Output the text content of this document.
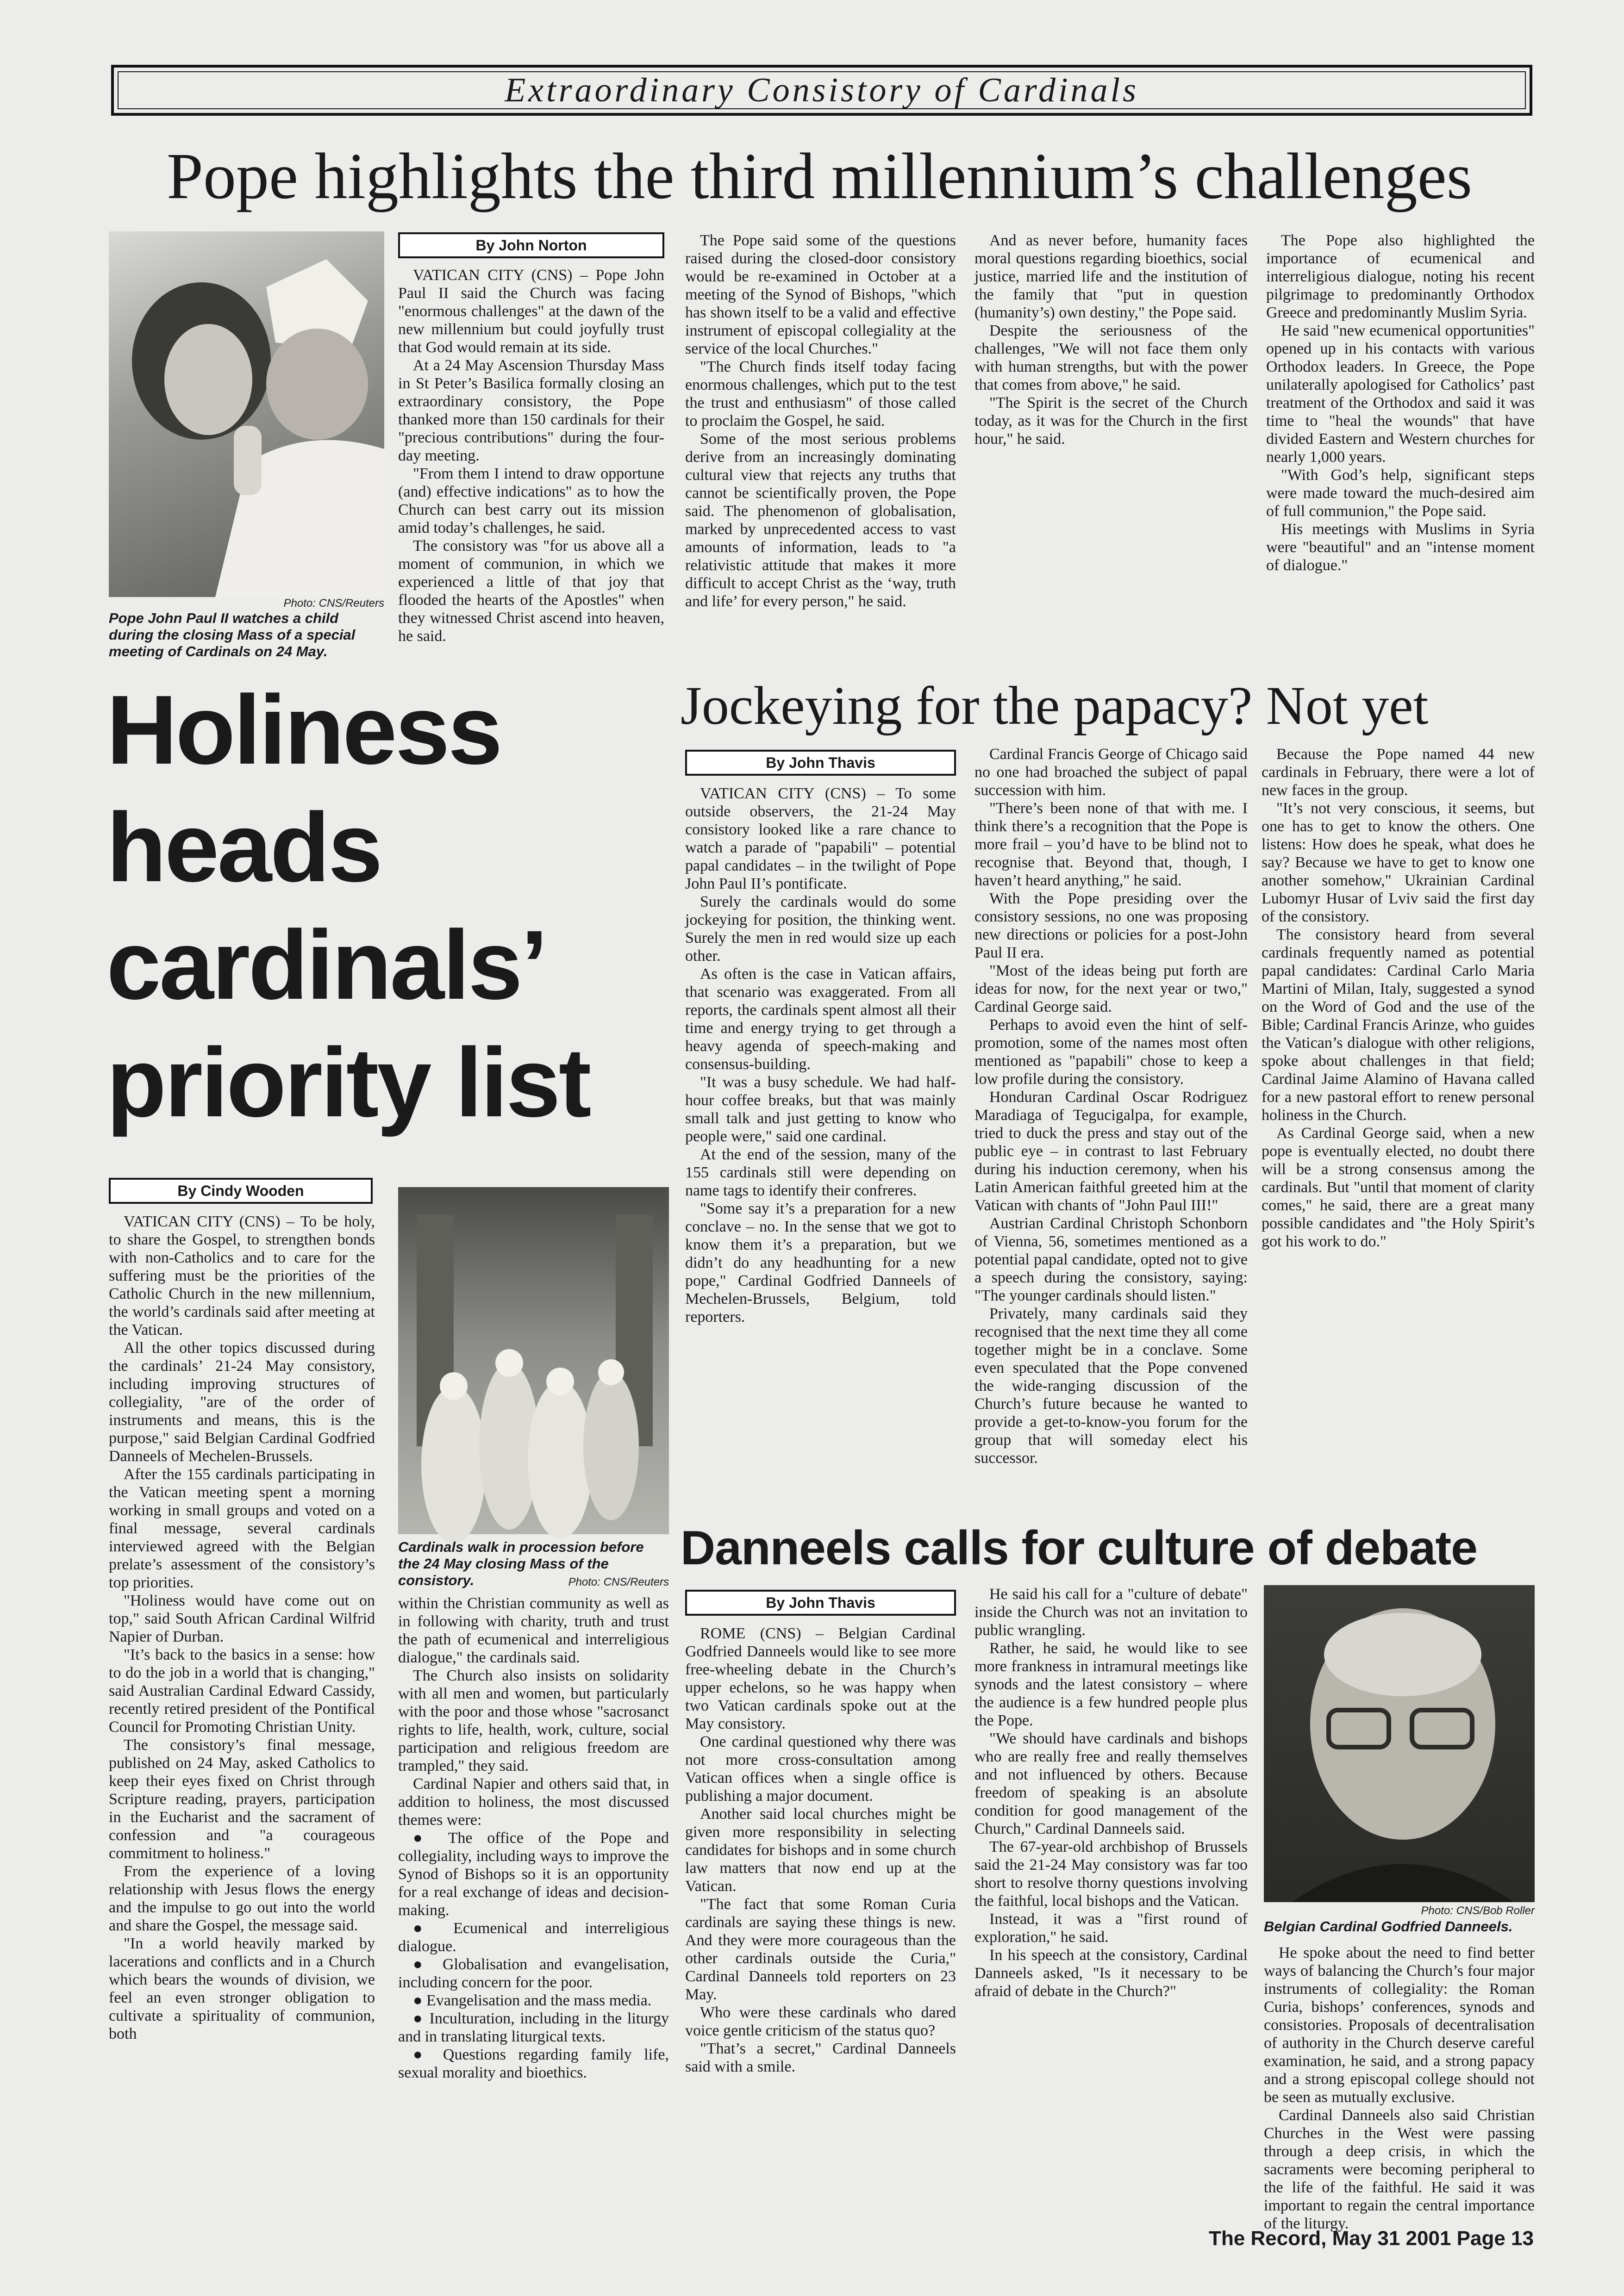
Extraordinary Consistory of Cardinals
Pope highlights the third millennium’s challenges
Photo: CNS/Reuters
Pope John Paul II watches a child during the closing Mass of a special meeting of Cardinals on 24 May.
By John Norton

VATICAN CITY (CNS) – Pope John Paul II said the Church was facing "enormous challenges" at the dawn of the new millennium but could joyfully trust that God would remain at its side.

At a 24 May Ascension Thursday Mass in St Peter’s Basilica formally closing an extraordinary consistory, the Pope thanked more than 150 cardinals for their "precious contributions" during the four-day meeting.

"From them I intend to draw opportune (and) effective indications" as to how the Church can best carry out its mission amid today’s challenges, he said.

The consistory was "for us above all a moment of communion, in which we experienced a little of that joy that flooded the hearts of the Apostles" when they witnessed Christ ascend into heaven, he said.

The Pope said some of the questions raised during the closed-door consistory would be re-examined in October at a meeting of the Synod of Bishops, "which has shown itself to be a valid and effective instrument of episcopal collegiality at the service of the local Churches."

"The Church finds itself today facing enormous challenges, which put to the test the trust and enthusiasm" of those called to proclaim the Gospel, he said.

Some of the most serious problems derive from an increasingly dominating cultural view that rejects any truths that cannot be scientifically proven, the Pope said. The phenomenon of globalisation, marked by unprecedented access to vast amounts of information, leads to "a relativistic attitude that makes it more difficult to accept Christ as the ‘way, truth and life’ for every person," he said.

And as never before, humanity faces moral questions regarding bioethics, social justice, married life and the institution of the family that "put in question (humanity’s) own destiny," the Pope said.

Despite the seriousness of the challenges, "We will not face them only with human strengths, but with the power that comes from above," he said.

"The Spirit is the secret of the Church today, as it was for the Church in the first hour," he said.

The Pope also highlighted the importance of ecumenical and interreligious dialogue, noting his recent pilgrimage to predominantly Orthodox Greece and predominantly Muslim Syria.

He said "new ecumenical opportunities" opened up in his contacts with various Orthodox leaders. In Greece, the Pope unilaterally apologised for Catholics’ past treatment of the Orthodox and said it was time to "heal the wounds" that have divided Eastern and Western churches for nearly 1,000 years.

"With God’s help, significant steps were made toward the much-desired aim of full communion," the Pope said.

His meetings with Muslims in Syria were "beautiful" and an "intense moment of dialogue."

Holiness
heads
cardinals’
priority list
By Cindy Wooden

VATICAN CITY (CNS) – To be holy, to share the Gospel, to strengthen bonds with non-Catholics and to care for the suffering must be the priorities of the Catholic Church in the new millennium, the world’s cardinals said after meeting at the Vatican.

All the other topics discussed during the cardinals’ 21-24 May consistory, including improving structures of collegiality, "are of the order of instruments and means, this is the purpose," said Belgian Cardinal Godfried Danneels of Mechelen-Brussels.

After the 155 cardinals participating in the Vatican meeting spent a morning working in small groups and voted on a final message, several cardinals interviewed agreed with the Belgian prelate’s assessment of the consistory’s top priorities.

"Holiness would have come out on top," said South African Cardinal Wilfrid Napier of Durban.

"It’s back to the basics in a sense: how to do the job in a world that is changing," said Australian Cardinal Edward Cassidy, recently retired president of the Pontifical Council for Promoting Christian Unity.

The consistory’s final message, published on 24 May, asked Catholics to keep their eyes fixed on Christ through Scripture reading, prayers, participation in the Eucharist and the sacrament of confession and "a courageous commitment to holiness."

From the experience of a loving relationship with Jesus flows the energy and the impulse to go out into the world and share the Gospel, the message said.

"In a world heavily marked by lacerations and conflicts and in a Church which bears the wounds of division, we feel an even stronger obligation to cultivate a spirituality of communion, both

Cardinals walk in procession before the 24 May closing Mass of the consistory.	Photo: CNS/Reuters

within the Christian community as well as in following with charity, truth and trust the path of ecumenical and interreligious dialogue," the cardinals said.

The Church also insists on solidarity with all men and women, but particularly with the poor and those whose "sacrosanct rights to life, health, work, culture, social participation and religious freedom are trampled," they said.

Cardinal Napier and others said that, in addition to holiness, the most discussed themes were:

● The office of the Pope and collegiality, including ways to improve the Synod of Bishops so it is an opportunity for a real exchange of ideas and decision-making.

● Ecumenical and interreligious dialogue.

● Globalisation and evangelisation, including concern for the poor.

● Evangelisation and the mass media.

● Inculturation, including in the liturgy and in translating liturgical texts.

● Questions regarding family life, sexual morality and bioethics.

Jockeying for the papacy? Not yet
By John Thavis

VATICAN CITY (CNS) – To some outside observers, the 21-24 May consistory looked like a rare chance to watch a parade of "papabili" – potential papal candidates – in the twilight of Pope John Paul II’s pontificate.

Surely the cardinals would do some jockeying for position, the thinking went. Surely the men in red would size up each other.

As often is the case in Vatican affairs, that scenario was exaggerated. From all reports, the cardinals spent almost all their time and energy trying to get through a heavy agenda of speech-making and consensus-building.

"It was a busy schedule. We had half-hour coffee breaks, but that was mainly small talk and just getting to know who people were," said one cardinal.

At the end of the session, many of the 155 cardinals still were depending on name tags to identify their confreres.

"Some say it’s a preparation for a new conclave – no. In the sense that we got to know them it’s a preparation, but we didn’t do any headhunting for a new pope," Cardinal Godfried Danneels of Mechelen-Brussels, Belgium, told reporters.

Cardinal Francis George of Chicago said no one had broached the subject of papal succession with him.

"There’s been none of that with me. I think there’s a recognition that the Pope is more frail – you’d have to be blind not to recognise that. Beyond that, though, I haven’t heard anything," he said.

With the Pope presiding over the consistory sessions, no one was proposing new directions or policies for a post-John Paul II era.

"Most of the ideas being put forth are ideas for now, for the next year or two," Cardinal George said.

Perhaps to avoid even the hint of self-promotion, some of the names most often mentioned as "papabili" chose to keep a low profile during the consistory.

Honduran Cardinal Oscar Rodriguez Maradiaga of Tegucigalpa, for example, tried to duck the press and stay out of the public eye – in contrast to last February during his induction ceremony, when his Latin American faithful greeted him at the Vatican with chants of "John Paul III!"

Austrian Cardinal Christoph Schonborn of Vienna, 56, sometimes mentioned as a potential papal candidate, opted not to give a speech during the consistory, saying: "The younger cardinals should listen."

Privately, many cardinals said they recognised that the next time they all come together might be in a conclave. Some even speculated that the Pope convened the wide-ranging discussion of the Church’s future because he wanted to provide a get-to-know-you forum for the group that will someday elect his successor.

Because the Pope named 44 new cardinals in February, there were a lot of new faces in the group.

"It’s not very conscious, it seems, but one has to get to know the others. One listens: How does he speak, what does he say? Because we have to get to know one another somehow," Ukrainian Cardinal Lubomyr Husar of Lviv said the first day of the consistory.

The consistory heard from several cardinals frequently named as potential papal candidates: Cardinal Carlo Maria Martini of Milan, Italy, suggested a synod on the Word of God and the use of the Bible; Cardinal Francis Arinze, who guides the Vatican’s dialogue with other religions, spoke about challenges in that field; Cardinal Jaime Alamino of Havana called for a new pastoral effort to renew personal holiness in the Church.

As Cardinal George said, when a new pope is eventually elected, no doubt there will be a strong consensus among the cardinals. But "until that moment of clarity comes," he said, there are a great many possible candidates and "the Holy Spirit’s got his work to do."

Danneels calls for culture of debate
By John Thavis

ROME (CNS) – Belgian Cardinal Godfried Danneels would like to see more free-wheeling debate in the Church’s upper echelons, so he was happy when two Vatican cardinals spoke out at the May consistory.

One cardinal questioned why there was not more cross-consultation among Vatican offices when a single office is publishing a major document.

Another said local churches might be given more responsibility in selecting candidates for bishops and in some church law matters that now end up at the Vatican.

"The fact that some Roman Curia cardinals are saying these things is new. And they were more courageous than the other cardinals outside the Curia," Cardinal Danneels told reporters on 23 May.

Who were these cardinals who dared voice gentle criticism of the status quo?

"That’s a secret," Cardinal Danneels said with a smile.

He said his call for a "culture of debate" inside the Church was not an invitation to public wrangling.

Rather, he said, he would like to see more frankness in intramural meetings like synods and the latest consistory – where the audience is a few hundred people plus the Pope.

"We should have cardinals and bishops who are really free and really themselves and not influenced by others. Because freedom of speaking is an absolute condition for good management of the Church," Cardinal Danneels said.

The 67-year-old archbishop of Brussels said the 21-24 May consistory was far too short to resolve thorny questions involving the faithful, local bishops and the Vatican.

Instead, it was a "first round of exploration," he said.

In his speech at the consistory, Cardinal Danneels asked, "Is it necessary to be afraid of debate in the Church?"

Photo: CNS/Bob Roller
Belgian Cardinal Godfried Danneels.

He spoke about the need to find better ways of balancing the Church’s four major instruments of collegiality: the Roman Curia, bishops’ conferences, synods and consistories. Proposals of decentralisation of authority in the Church deserve careful examination, he said, and a strong papacy and a strong episcopal college should not be seen as mutually exclusive.

Cardinal Danneels also said Christian Churches in the West were passing through a deep crisis, in which the sacraments were becoming peripheral to the life of the faithful. He said it was important to regain the central importance of the liturgy.

The Record, May 31 2001 Page 13
